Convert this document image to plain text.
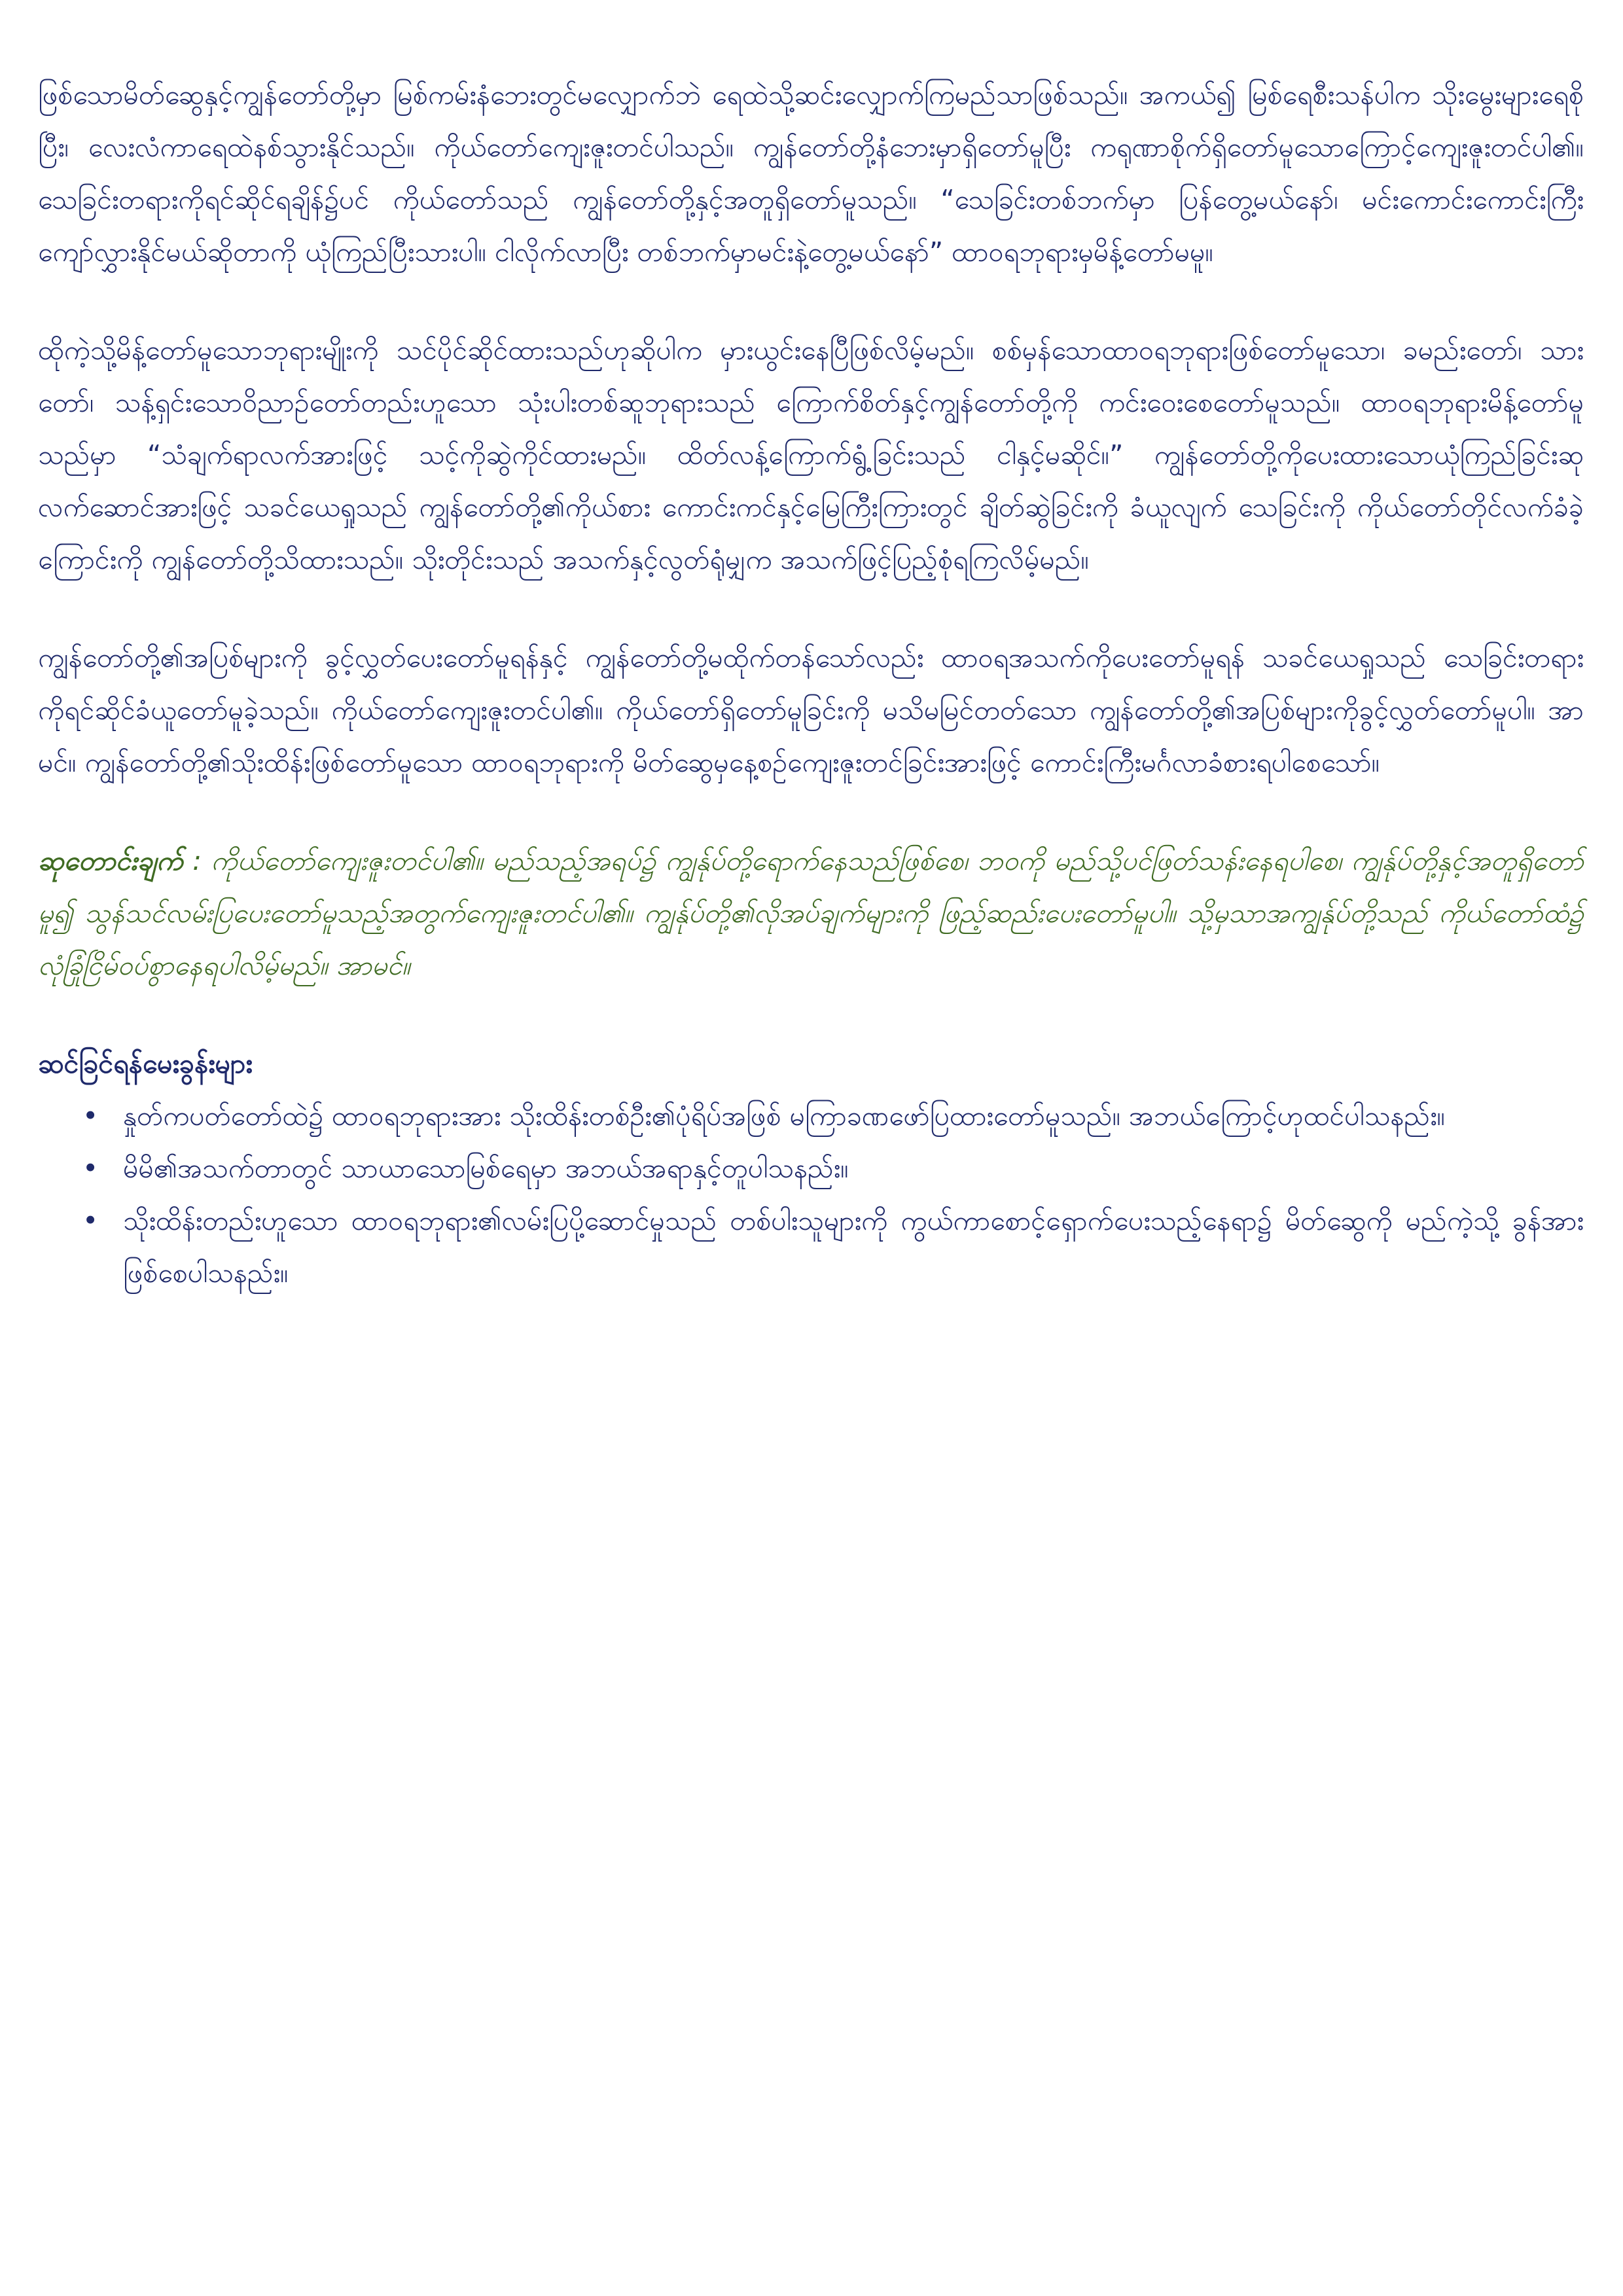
ဖြစ်သောမိတ်ဆွေနှင့်ကျွန်တော်တို့မှာ မြစ်ကမ်းနံဘေးတွင်မလျှောက်ဘဲ ရေထဲသို့ဆင်းလျှောက်ကြမည်သာဖြစ်သည်။ အကယ်၍ မြစ်ရေစီးသန်ပါက သိုးမွေးများရေစိုပြီး၊ လေးလံကာရေထဲနစ်သွားနိုင်သည်။ ကိုယ်တော်ကျေးဇူးတင်ပါသည်။ ကျွန်တော်တို့နံဘေးမှာရှိတော်မူပြီး ကရုဏာစိုက်ရှိတော်မူသောကြောင့်ကျေးဇူးတင်ပါ၏။ သေခြင်းတရားကိုရင်ဆိုင်ရချိန်၌ပင် ကိုယ်တော်သည် ကျွန်တော်တို့နှင့်အတူရှိတော်မူသည်။ “သေခြင်းတစ်ဘက်မှာ ပြန်တွေ့မယ်နော်၊ မင်းကောင်းကောင်းကြီးကျော်လွှားနိုင်မယ်ဆိုတာကို ယုံကြည်ပြီးသားပါ။ ငါလိုက်လာပြီး တစ်ဘက်မှာမင်းနဲ့တွေ့မယ်နော်” ထာဝရဘုရားမှမိန့်တော်မမူ။

ထိုကဲ့သို့မိန့်တော်မူသောဘုရားမျိုးကို သင်ပိုင်ဆိုင်ထားသည်ဟုဆိုပါက မှားယွင်းနေပြီဖြစ်လိမ့်မည်။ စစ်မှန်သောထာဝရဘုရားဖြစ်တော်မူသော၊ ခမည်းတော်၊ သားတော်၊ သန့်ရှင်းသောဝိညာဉ်တော်တည်းဟူသော သုံးပါးတစ်ဆူဘုရားသည် ကြောက်စိတ်နှင့်ကျွန်တော်တို့ကို ကင်းဝေးစေတော်မူသည်။ ထာဝရဘုရားမိန့်တော်မူသည်မှာ “သံချက်ရာလက်အားဖြင့် သင့်ကိုဆွဲကိုင်ထားမည်။ ထိတ်လန့်ကြောက်ရွံ့ခြင်းသည် ငါနှင့်မဆိုင်။” ကျွန်တော်တို့ကိုပေးထားသောယုံကြည်ခြင်းဆုလက်ဆောင်အားဖြင့် သခင်ယေရှုသည် ကျွန်တော်တို့၏ကိုယ်စား ကောင်းကင်နှင့်မြေကြီးကြားတွင် ချိတ်ဆွဲခြင်းကို ခံယူလျက် သေခြင်းကို ကိုယ်တော်တိုင်လက်ခံခဲ့ကြောင်းကို ကျွန်တော်တို့သိထားသည်။ သိုးတိုင်းသည် အသက်နှင့်လွတ်ရုံမျှက အသက်ဖြင့်ပြည့်စုံရကြလိမ့်မည်။

ကျွန်တော်တို့၏အပြစ်များကို ခွင့်လွှတ်ပေးတော်မူရန်နှင့် ကျွန်တော်တို့မထိုက်တန်သော်လည်း ထာဝရအသက်ကိုပေးတော်မူရန် သခင်ယေရှုသည် သေခြင်းတရားကိုရင်ဆိုင်ခံယူတော်မူခဲ့သည်။ ကိုယ်တော်ကျေးဇူးတင်ပါ၏။ ကိုယ်တော်ရှိတော်မူခြင်းကို မသိမမြင်တတ်သော ကျွန်တော်တို့၏အပြစ်များကိုခွင့်လွှတ်တော်မူပါ။ အာမင်။ ကျွန်တော်တို့၏သိုးထိန်းဖြစ်တော်မူသော ထာဝရဘုရားကို မိတ်ဆွေမှနေ့စဉ်ကျေးဇူးတင်ခြင်းအားဖြင့် ကောင်းကြီးမင်္ဂလာခံစားရပါစေသော်။

ဆုတောင်းချက် : ကိုယ်တော်ကျေးဇူးတင်ပါ၏။ မည်သည့်အရပ်၌ ကျွန်ုပ်တို့ရောက်နေသည်ဖြစ်စေ၊ ဘဝကို မည်သို့ပင်ဖြတ်သန်းနေရပါစေ၊ ကျွန်ုပ်တို့နှင့်အတူရှိတော်မူ၍ သွန်သင်လမ်းပြပေးတော်မူသည့်အတွက်ကျေးဇူးတင်ပါ၏။ ကျွန်ုပ်တို့၏လိုအပ်ချက်များကို ဖြည့်ဆည်းပေးတော်မူပါ။ သို့မှသာအကျွန်ုပ်တို့သည် ကိုယ်တော်ထံ၌ လုံခြုံငြိမ်ဝပ်စွာနေရပါလိမ့်မည်။ အာမင်။

ဆင်ခြင်ရန်မေးခွန်းများ

• နှုတ်ကပတ်တော်ထဲ၌ ထာဝရဘုရားအား သိုးထိန်းတစ်ဦး၏ပုံရိပ်အဖြစ် မကြာခဏဖော်ပြထားတော်မူသည်။ အဘယ်ကြောင့်ဟုထင်ပါသနည်း။
• မိမိ၏အသက်တာတွင် သာယာသောမြစ်ရေမှာ အဘယ်အရာနှင့်တူပါသနည်း။
• သိုးထိန်းတည်းဟူသော ထာဝရဘုရား၏လမ်းပြပို့ဆောင်မှုသည် တစ်ပါးသူများကို ကွယ်ကာစောင့်ရှောက်ပေးသည့်နေရာ၌ မိတ်ဆွေကို မည်ကဲ့သို့ ခွန်အားဖြစ်စေပါသနည်း။
